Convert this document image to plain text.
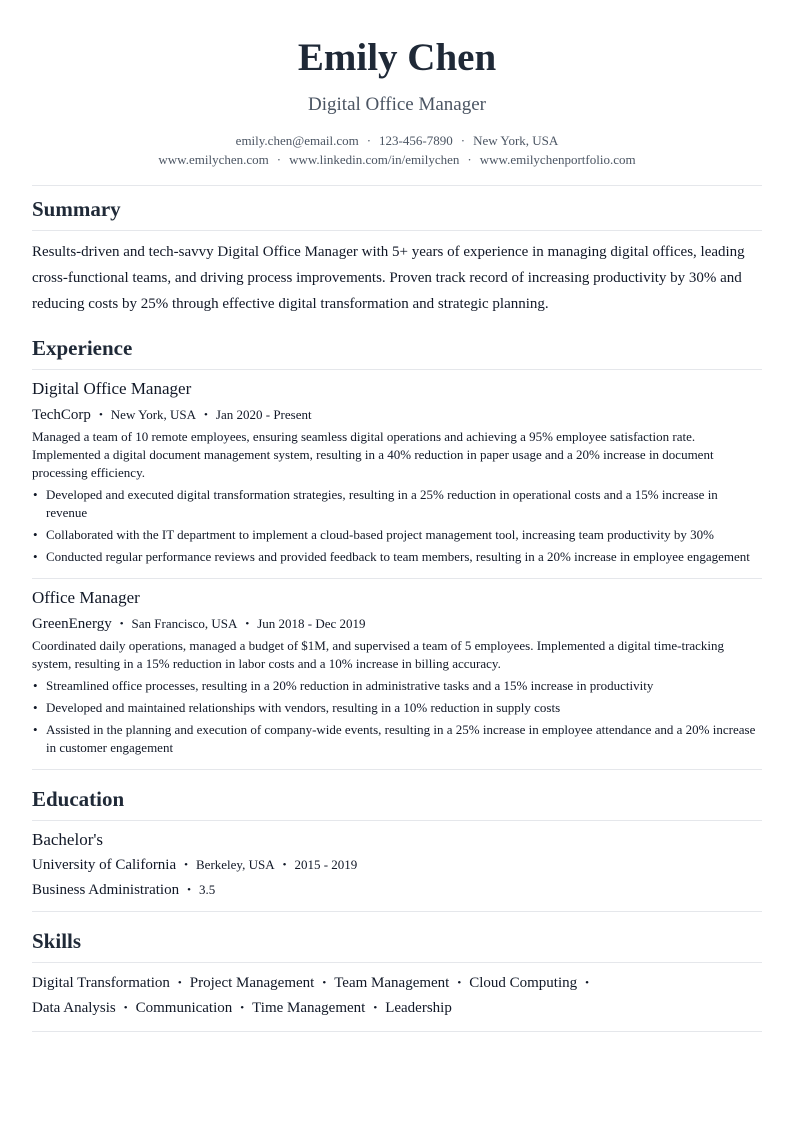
Emily Chen
Digital Office Manager
emily.chen@email.com · 123-456-7890 · New York, USA
www.emilychen.com · www.linkedin.com/in/emilychen · www.emilychenportfolio.com
Summary

Results-driven and tech-savvy Digital Office Manager with 5+ years of experience in managing digital offices, leading cross-functional teams, and driving process improvements. Proven track record of increasing productivity by 30% and reducing costs by 25% through effective digital transformation and strategic planning.

Experience
Digital Office Manager
TechCorp • New York, USA • Jan 2020 - Present
Managed a team of 10 remote employees, ensuring seamless digital operations and achieving a 95% employee satisfaction rate. Implemented a digital document management system, resulting in a 40% reduction in paper usage and a 20% increase in document processing efficiency.
• Developed and executed digital transformation strategies, resulting in a 25% reduction in operational costs and a 15% increase in revenue
• Collaborated with the IT department to implement a cloud-based project management tool, increasing team productivity by 30%
• Conducted regular performance reviews and provided feedback to team members, resulting in a 20% increase in employee engagement
Office Manager
GreenEnergy • San Francisco, USA • Jun 2018 - Dec 2019
Coordinated daily operations, managed a budget of $1M, and supervised a team of 5 employees. Implemented a digital time-tracking system, resulting in a 15% reduction in labor costs and a 10% increase in billing accuracy.
• Streamlined office processes, resulting in a 20% reduction in administrative tasks and a 15% increase in productivity
• Developed and maintained relationships with vendors, resulting in a 10% reduction in supply costs
• Assisted in the planning and execution of company-wide events, resulting in a 25% increase in employee attendance and a 20% increase in customer engagement
Education
Bachelor's
University of California • Berkeley, USA • 2015 - 2019
Business Administration • 3.5
Skills
Digital Transformation • Project Management • Team Management • Cloud Computing •
Data Analysis • Communication • Time Management • Leadership
